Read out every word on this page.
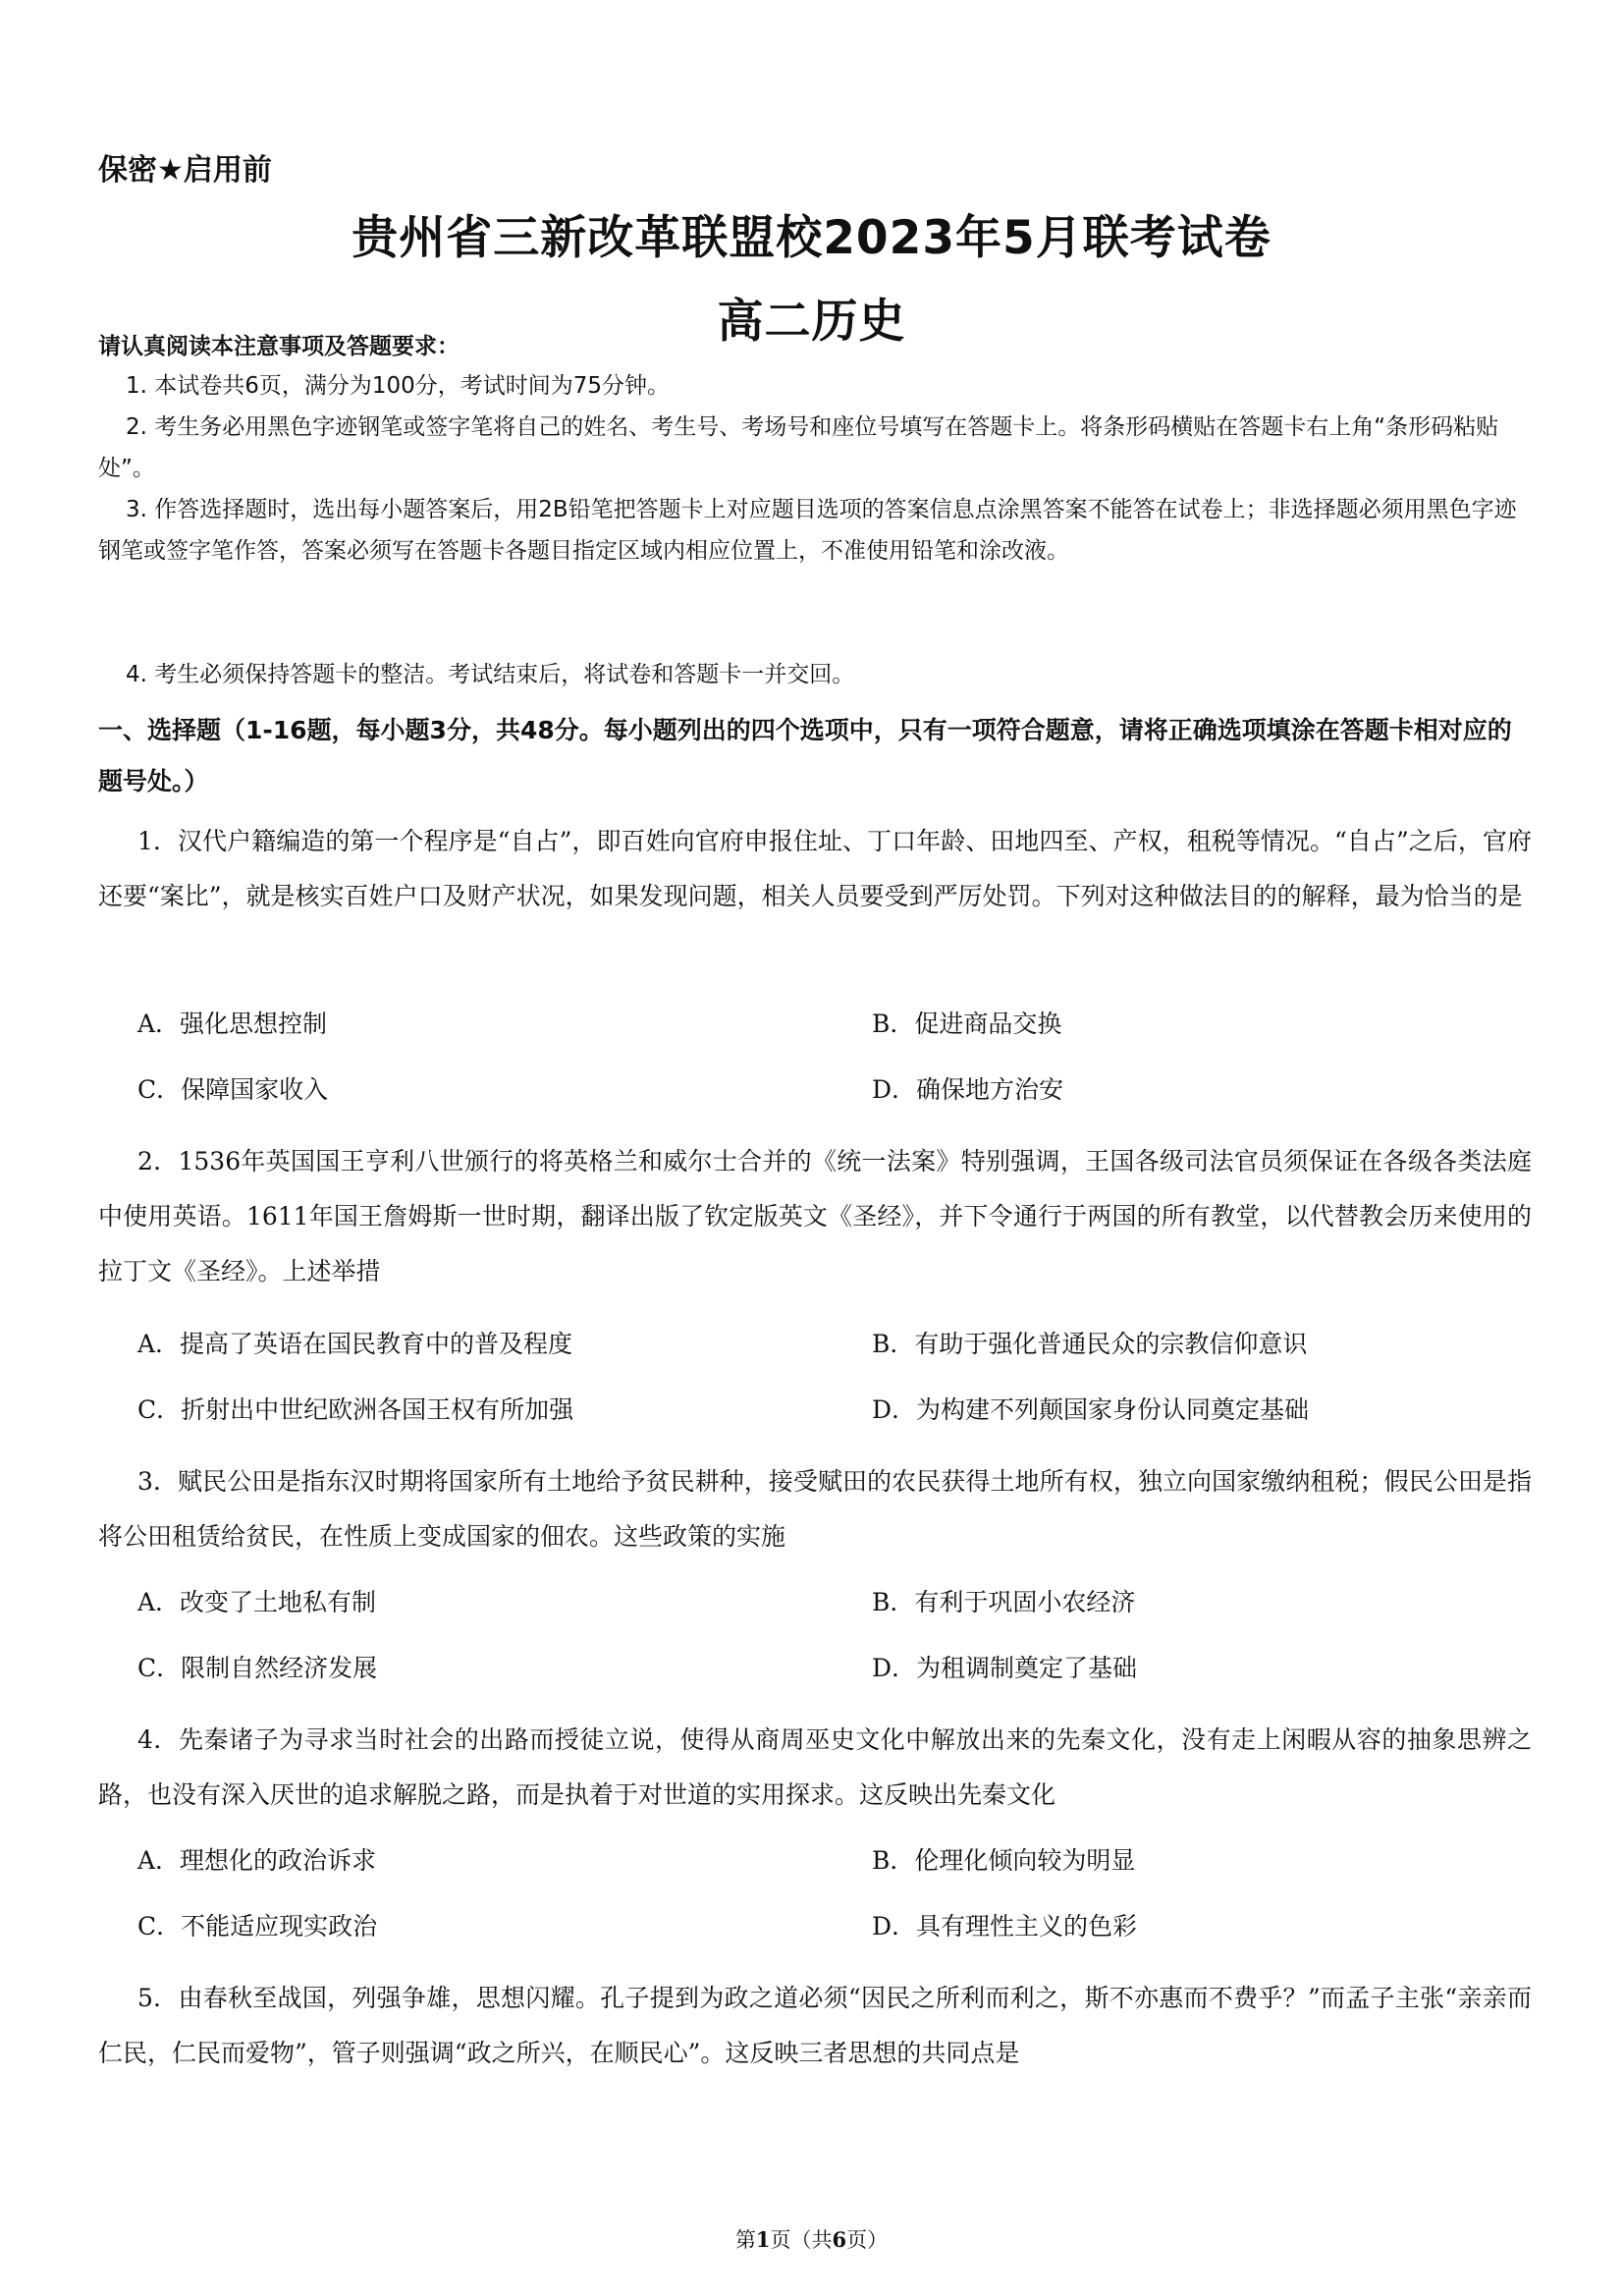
保密★启用前
贵州省三新改革联盟校2023年5月联考试卷
高二历史
请认真阅读本注意事项及答题要求：
1. 本试卷共6页，满分为100分，考试时间为75分钟。
2. 考生务必用黑色字迹钢笔或签字笔将自己的姓名、考生号、考场号和座位号填写在答题卡上。将条形码横贴在答题卡右上角“条形码粘贴处”。
3. 作答选择题时，选出每小题答案后，用2B铅笔把答题卡上对应题目选项的答案信息点涂黑答案不能答在试卷上；非选择题必须用黑色字迹钢笔或签字笔作答，答案必须写在答题卡各题目指定区域内相应位置上，不准使用铅笔和涂改液。
4. 考生必须保持答题卡的整洁。考试结束后，将试卷和答题卡一并交回。
一、选择题（1-16题，每小题3分，共48分。每小题列出的四个选项中，只有一项符合题意，请将正确选项填涂在答题卡相对应的题号处。）
1．汉代户籍编造的第一个程序是“自占”，即百姓向官府申报住址、丁口年龄、田地四至、产权，租税等情况。“自占”之后，官府还要“案比”，就是核实百姓户口及财产状况，如果发现问题，相关人员要受到严厉处罚。下列对这种做法目的的解释，最为恰当的是
A．强化思想控制	B．促进商品交换
C．保障国家收入	D．确保地方治安
2．1536年英国国王亨利八世颁行的将英格兰和威尔士合并的《统一法案》特别强调，王国各级司法官员须保证在各级各类法庭中使用英语。1611年国王詹姆斯一世时期，翻译出版了钦定版英文《圣经》，并下令通行于两国的所有教堂，以代替教会历来使用的拉丁文《圣经》。上述举措
A．提高了英语在国民教育中的普及程度	B．有助于强化普通民众的宗教信仰意识
C．折射出中世纪欧洲各国王权有所加强	D．为构建不列颠国家身份认同奠定基础
3．赋民公田是指东汉时期将国家所有土地给予贫民耕种，接受赋田的农民获得土地所有权，独立向国家缴纳租税；假民公田是指将公田租赁给贫民，在性质上变成国家的佃农。这些政策的实施
A．改变了土地私有制	B．有利于巩固小农经济
C．限制自然经济发展	D．为租调制奠定了基础
4．先秦诸子为寻求当时社会的出路而授徒立说，使得从商周巫史文化中解放出来的先秦文化，没有走上闲暇从容的抽象思辨之路，也没有深入厌世的追求解脱之路，而是执着于对世道的实用探求。这反映出先秦文化
A．理想化的政治诉求	B．伦理化倾向较为明显
C．不能适应现实政治	D．具有理性主义的色彩
5．由春秋至战国，列强争雄，思想闪耀。孔子提到为政之道必须“因民之所利而利之，斯不亦惠而不费乎？”而孟子主张“亲亲而仁民，仁民而爱物”，管子则强调“政之所兴，在顺民心”。这反映三者思想的共同点是
第1页（共6页）
